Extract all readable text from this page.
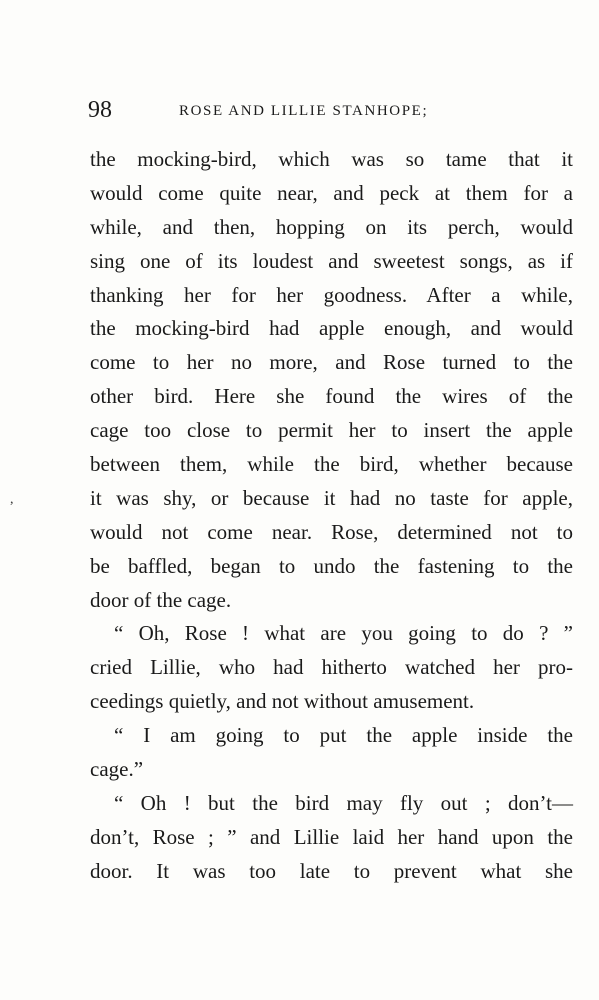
98	ROSE AND LILLIE STANHOPE;
the mocking-bird, which was so tame that it
would come quite near, and peck at them for a
while, and then, hopping on its perch, would
sing one of its loudest and sweetest songs, as if
thanking her for her goodness. After a while,
the mocking-bird had apple enough, and would
come to her no more, and Rose turned to the
other bird. Here she found the wires of the
cage too close to permit her to insert the apple
between them, while the bird, whether because
it was shy, or because it had no taste for apple,
would not come near. Rose, determined not to
be baffled, began to undo the fastening to the
door of the cage.
“ Oh, Rose ! what are you going to do ? ”
cried Lillie, who had hitherto watched her pro-
ceedings quietly, and not without amusement.
“ I am going to put the apple inside the
cage.”
“ Oh ! but the bird may fly out ; don’t—
don’t, Rose ; ” and Lillie laid her hand upon the
door. It was too late to prevent what she
,
